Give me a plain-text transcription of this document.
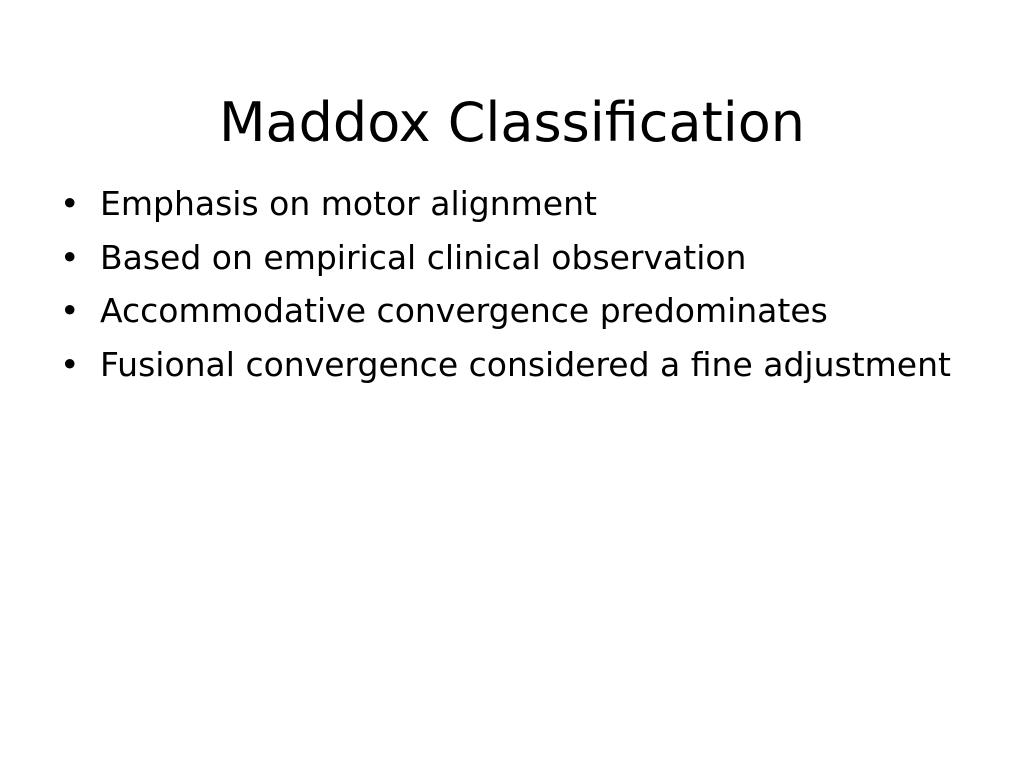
Maddox Classification
• Emphasis on motor alignment
• Based on empirical clinical observation
• Accommodative convergence predominates
• Fusional convergence considered a fine adjustment
